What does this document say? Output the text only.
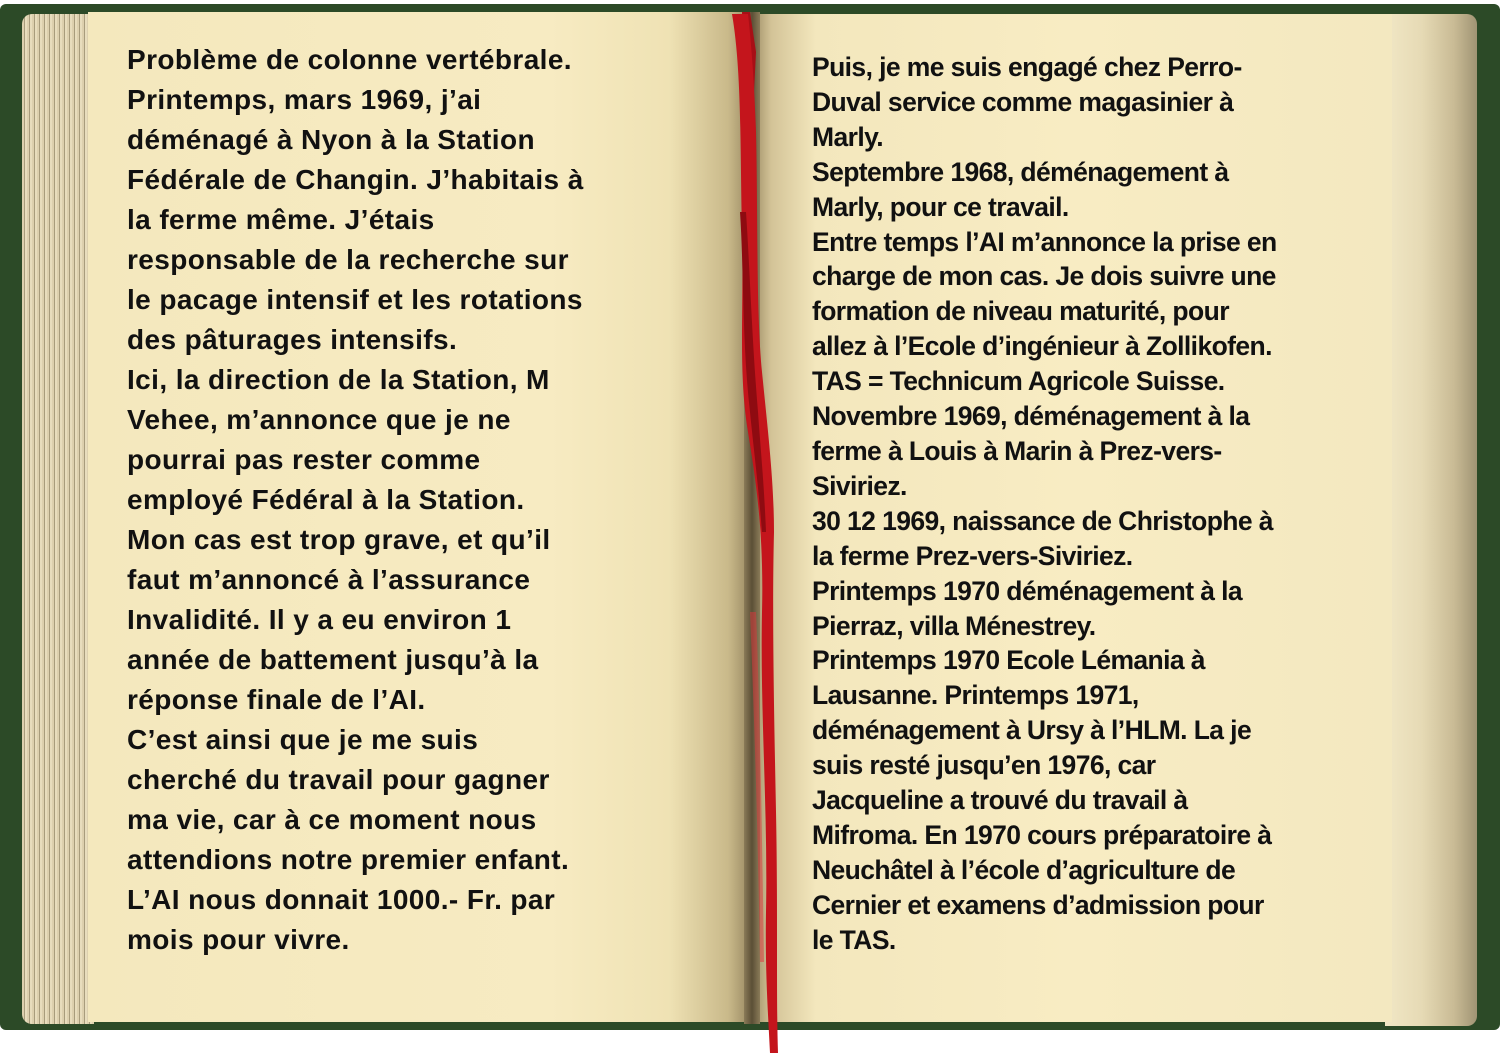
Problème de colonne vertébrale.
Printemps, mars 1969, j’ai
déménagé à Nyon à la Station
Fédérale de Changin. J’habitais à
la ferme même. J’étais
responsable de la recherche sur
le pacage intensif et les rotations
des pâturages intensifs.
Ici, la direction de la Station, M
Vehee, m’annonce que je ne
pourrai pas rester comme
employé Fédéral à la Station.
Mon cas est trop grave, et qu’il
faut m’annoncé à l’assurance
Invalidité. Il y a eu environ 1
année de battement jusqu’à la
réponse finale de l’AI.
C’est ainsi que je me suis
cherché du travail pour gagner
ma vie, car à ce moment nous
attendions notre premier enfant.
L’AI nous donnait 1000.- Fr. par
mois pour vivre.

Puis, je me suis engagé chez Perro-
Duval service comme magasinier à
Marly.
Septembre 1968, déménagement à
Marly, pour ce travail.
Entre temps l’AI m’annonce la prise en
charge de mon cas. Je dois suivre une
formation de niveau maturité, pour
allez à l’Ecole d’ingénieur à Zollikofen.
TAS = Technicum Agricole Suisse.
Novembre 1969, déménagement à la
ferme à Louis à Marin à Prez-vers-
Siviriez.
30 12 1969, naissance de Christophe à
la ferme Prez-vers-Siviriez.
Printemps 1970 déménagement à la
Pierraz, villa Ménestrey.
Printemps 1970 Ecole Lémania à
Lausanne. Printemps 1971,
déménagement à Ursy à l’HLM. La je
suis resté jusqu’en 1976, car
Jacqueline a trouvé du travail à
Mifroma. En 1970 cours préparatoire à
Neuchâtel à l’école d’agriculture de
Cernier et examens d’admission pour
le TAS.
